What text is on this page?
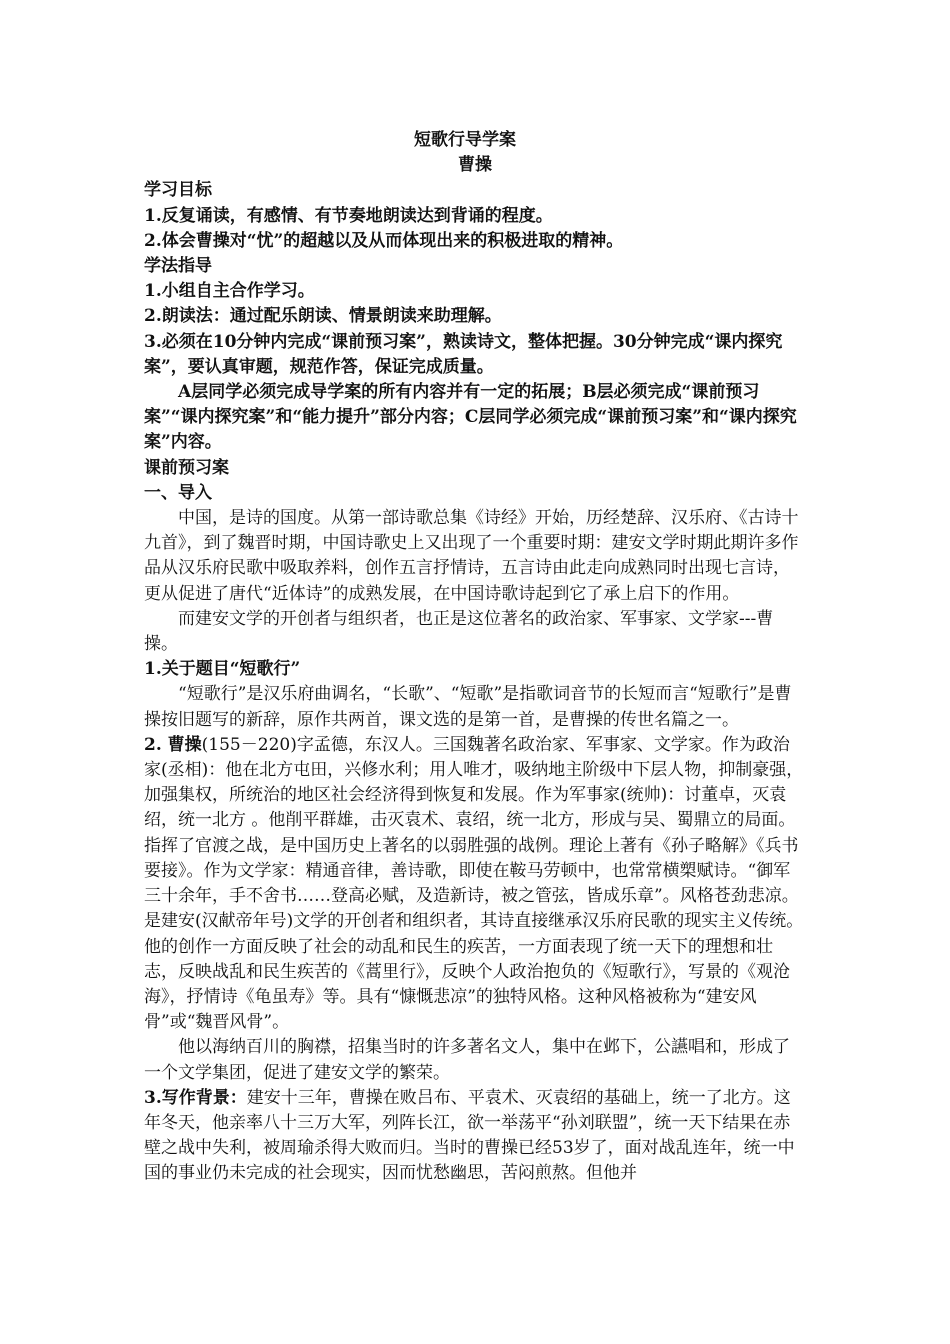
短歌行导学案

曹操

学习目标

1.反复诵读，有感情、有节奏地朗读达到背诵的程度。

2.体会曹操对“忧”的超越以及从而体现出来的积极进取的精神。

学法指导

1.小组自主合作学习。

2.朗读法：通过配乐朗读、情景朗读来助理解。

3.必须在10分钟内完成“课前预习案”，熟读诗文，整体把握。30分钟完成“课内探究案”，要认真审题，规范作答，保证完成质量。

A层同学必须完成导学案的所有内容并有一定的拓展；B层必须完成“课前预习案”“课内探究案”和“能力提升”部分内容；C层同学必须完成“课前预习案”和“课内探究案”内容。

课前预习案

一、导入

中国，是诗的国度。从第一部诗歌总集《诗经》开始，历经楚辞、汉乐府、《古诗十九首》，到了魏晋时期，中国诗歌史上又出现了一个重要时期：建安文学时期此期许多作品从汉乐府民歌中吸取养料，创作五言抒情诗，五言诗由此走向成熟同时出现七言诗，更从促进了唐代“近体诗”的成熟发展，在中国诗歌诗起到它了承上启下的作用。

而建安文学的开创者与组织者，也正是这位著名的政治家、军事家、文学家---曹操。

1.关于题目“短歌行”

“短歌行”是汉乐府曲调名，“长歌”、“短歌”是指歌词音节的长短而言“短歌行”是曹操按旧题写的新辞，原作共两首，课文选的是第一首，是曹操的传世名篇之一。

2. 曹操(155－220)字孟德，东汉人。三国魏著名政治家、军事家、文学家。作为政治家(丞相)：他在北方屯田，兴修水利；用人唯才，吸纳地主阶级中下层人物，抑制豪强，加强集权，所统治的地区社会经济得到恢复和发展。作为军事家(统帅)：讨董卓，灭袁绍，统一北方 。他削平群雄，击灭袁术、袁绍，统一北方，形成与吴、蜀鼎立的局面。指挥了官渡之战，是中国历史上著名的以弱胜强的战例。理论上著有《孙子略解》《兵书要接》。作为文学家：精通音律，善诗歌，即使在鞍马劳顿中，也常常横槊赋诗。“御军三十余年，手不舍书……登高必赋，及造新诗，被之管弦，皆成乐章”。风格苍劲悲凉。是建安(汉献帝年号)文学的开创者和组织者，其诗直接继承汉乐府民歌的现实主义传统。他的创作一方面反映了社会的动乱和民生的疾苦，一方面表现了统一天下的理想和壮志，反映战乱和民生疾苦的《蒿里行》，反映个人政治抱负的《短歌行》，写景的《观沧海》，抒情诗《龟虽寿》等。具有“慷慨悲凉”的独特风格。这种风格被称为“建安风骨”或“魏晋风骨”。

他以海纳百川的胸襟，招集当时的许多著名文人，集中在邺下，公讌唱和，形成了一个文学集团，促进了建安文学的繁荣。

3.写作背景：建安十三年，曹操在败吕布、平袁术、灭袁绍的基础上，统一了北方。这年冬天，他亲率八十三万大军，列阵长江，欲一举荡平“孙刘联盟”，统一天下结果在赤壁之战中失利，被周瑜杀得大败而归。当时的曹操已经53岁了，面对战乱连年，统一中国的事业仍未完成的社会现实，因而忧愁幽思，苦闷煎熬。但他并
